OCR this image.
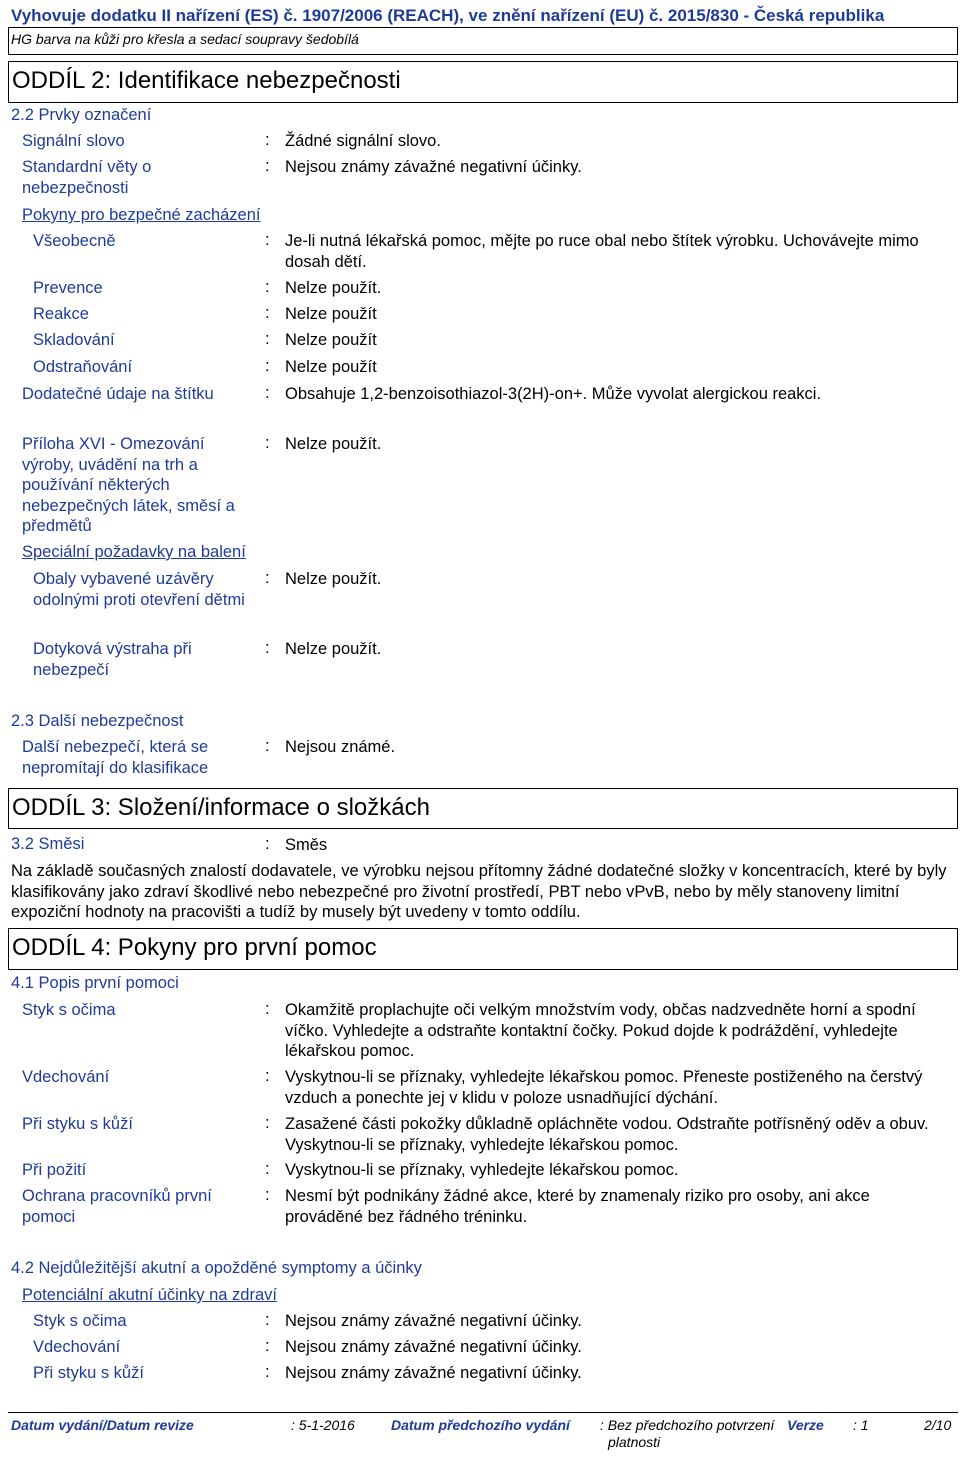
Vyhovuje dodatku II nařízení (ES) č. 1907/2006 (REACH), ve znění nařízení (EU) č. 2015/830 - Česká republika
HG barva na kůži pro křesla a sedací soupravy šedobílá
ODDÍL 2: Identifikace nebezpečnosti
2.2 Prvky označení
Signální slovo	: Žádné signální slovo.
Standardní věty o nebezpečnosti
: Nejsou známy závažné negativní účinky.
Pokyny pro bezpečné zacházení
Všeobecně	: Je-li nutná lékařská pomoc, mějte po ruce obal nebo štítek výrobku. Uchovávejte mimo dosah dětí.
Prevence	: Nelze použít.
Reakce	: Nelze použít
Skladování	: Nelze použít
Odstraňování	: Nelze použít
Dodatečné údaje na štítku	: Obsahuje 1,2-benzoisothiazol-3(2H)-on+. Může vyvolat alergickou reakci.
Příloha XVI - Omezování výroby, uvádění na trh a používání některých nebezpečných látek, směsí a předmětů
: Nelze použít.
Speciální požadavky na balení
Obaly vybavené uzávěry odolnými proti otevření dětmi
: Nelze použít.
Dotyková výstraha při nebezpečí
: Nelze použít.
2.3 Další nebezpečnost
Další nebezpečí, která se nepromítají do klasifikace
: Nejsou známé.
ODDÍL 3: Složení/informace o složkách
3.2 Směsi	: Směs
Na základě současných znalostí dodavatele, ve výrobku nejsou přítomny žádné dodatečné složky v koncentracích, které by byly klasifikovány jako zdraví škodlivé nebo nebezpečné pro životní prostředí, PBT nebo vPvB, nebo by měly stanoveny limitní expoziční hodnoty na pracovišti a tudíž by musely být uvedeny v tomto oddílu.
ODDÍL 4: Pokyny pro první pomoc
4.1 Popis první pomoci
Styk s očima	: Okamžitě proplachujte oči velkým množstvím vody, občas nadzvedněte horní a spodní víčko. Vyhledejte a odstraňte kontaktní čočky. Pokud dojde k podráždění, vyhledejte lékařskou pomoc.
Vdechování	: Vyskytnou-li se příznaky, vyhledejte lékařskou pomoc. Přeneste postiženého na čerstvý vzduch a ponechte jej v klidu v poloze usnadňující dýchání.
Při styku s kůží	: Zasažené části pokožky důkladně opláchněte vodou. Odstraňte potřísněný oděv a obuv. Vyskytnou-li se příznaky, vyhledejte lékařskou pomoc.
Při požití	: Vyskytnou-li se příznaky, vyhledejte lékařskou pomoc.
Ochrana pracovníků první pomoci
: Nesmí být podnikány žádné akce, které by znamenaly riziko pro osoby, ani akce prováděné bez řádného tréninku.
4.2 Nejdůležitější akutní a opožděné symptomy a účinky
Potenciální akutní účinky na zdraví
Styk s očima	: Nejsou známy závažné negativní účinky.
Vdechování	: Nejsou známy závažné negativní účinky.
Při styku s kůží	: Nejsou známy závažné negativní účinky.
Datum vydání/Datum revize	: 5-1-2016	Datum předchozího vydání : Bez předchozího potvrzení
platnosti
Verze : 1	2/10
